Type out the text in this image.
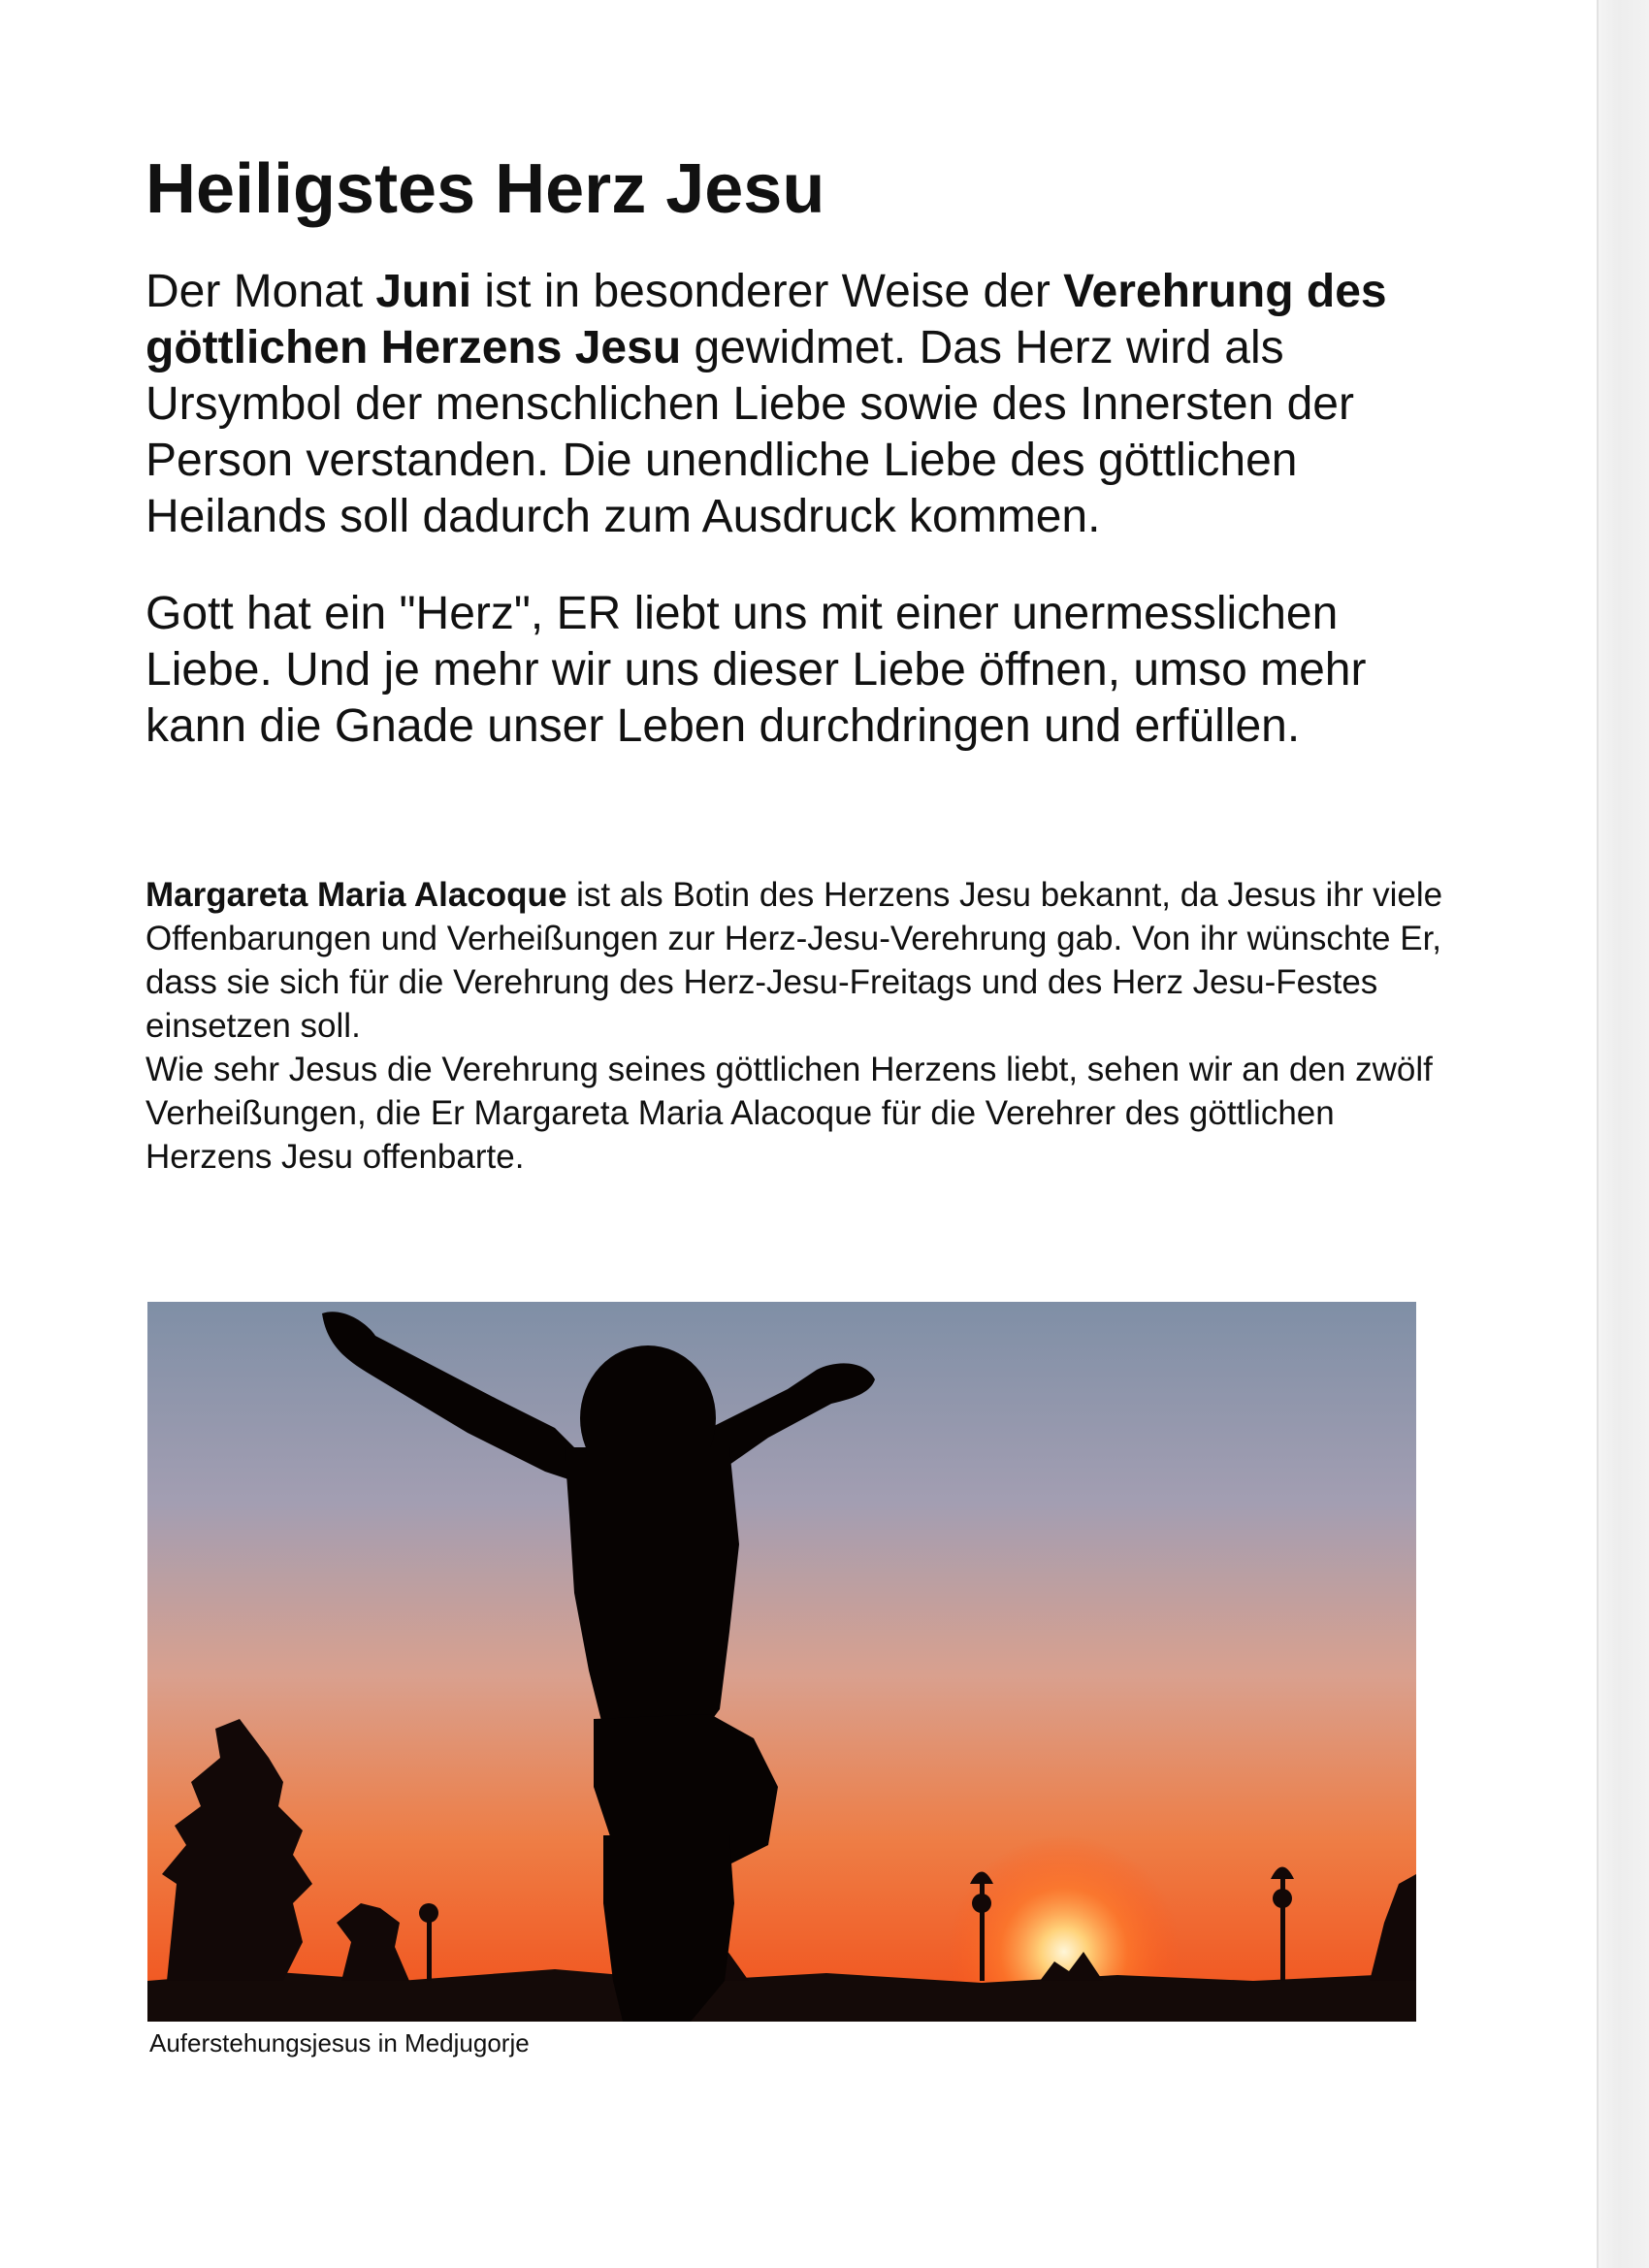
Heiligstes Herz Jesu

Der Monat Juni ist in besonderer Weise der Verehrung des göttlichen Herzens Jesu gewidmet. Das Herz wird als Ursymbol der menschlichen Liebe sowie des Innersten der Person verstanden. Die unendliche Liebe des göttlichen Heilands soll dadurch zum Ausdruck kommen.

Gott hat ein "Herz", ER liebt uns mit einer unermesslichen Liebe. Und je mehr wir uns dieser Liebe öffnen, umso mehr kann die Gnade unser Leben durchdringen und erfüllen.

Margareta Maria Alacoque ist als Botin des Herzens Jesu bekannt, da Jesus ihr viele Offenbarungen und Verheißungen zur Herz-Jesu-Verehrung gab. Von ihr wünschte Er, dass sie sich für die Verehrung des Herz-Jesu-Freitags und des Herz Jesu-Festes einsetzen soll.
Wie sehr Jesus die Verehrung seines göttlichen Herzens liebt, sehen wir an den zwölf Verheißungen, die Er Margareta Maria Alacoque für die Verehrer des göttlichen Herzens Jesu offenbarte.

Auferstehungsjesus in Medjugorje
